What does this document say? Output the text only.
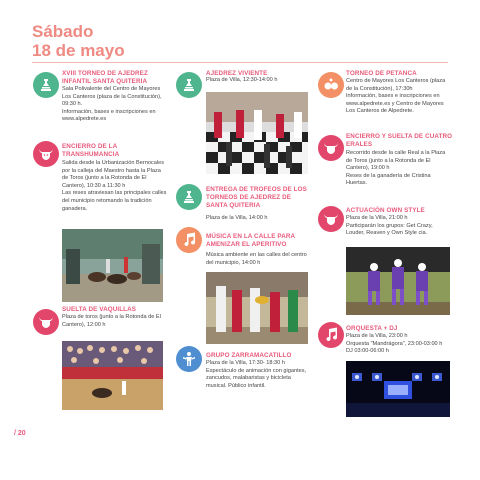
Sábado
18 de mayo
XVIII TORNEO DE AJEDREZ INFANTIL SANTA QUITERIA
Sala Polivalente del Centro de Mayores
Los Canteros (plaza de la Constitución),
09:30 h.
Información, bases e inscripciones en
www.alpedrete.es
ENCIERRO DE LA TRANSHUMANCIA
Salida desde la Urbanización Bernocales
por la calleja del Maestro hasta la Plaza
de Toros (junto a la Rotonda de El
Cantero), 10:30 a 11:30 h
Las reses atraviesan las principales calles
del municipio retomando la tradición
ganadera.
SUELTA DE VAQUILLAS
Plaza de toros (junto a la Rotonda de El
Cantero), 12:00 h
AJEDREZ VIVIENTE
Plaza de Villa, 12:30-14:00 h
ENTREGA DE TROFEOS DE LOS TORNEOS DE AJEDREZ DE SANTA QUITERIA
Plaza de la Villa, 14:00 h
MÚSICA EN LA CALLE PARA AMENIZAR EL APERITIVO
Música ambiente en las calles del centro
del municipio, 14:00 h
GRUPO ZARRAMACATILLO
Plaza de la Villa, 17:30- 18:30 h
Espectáculo de animación con gigantes,
zancudos, malabaristas y bicicleta
musical. Público infantil.
TORNEO DE PETANCA
Centro de Mayores Los Canteros (plaza
de la Constitución), 17:30h
Información, bases e inscripciones en
www.alpedrete.es y Centro de Mayores
Los Canteros de Alpedrete.
ENCIERRO Y SUELTA DE CUATRO ERALES
Recorrido desde la calle Real a la Plaza
de Toros (junto a la Rotonda de El
Cantero), 19:00 h
Reses de la ganadería de Cristina
Huertas.
ACTUACIÓN OWN STYLE
Plaza de la Villa, 21:00 h
Participarán los grupos: Get Crazy,
Louder, Reaven y Own Style cia.
ORQUESTA + DJ
Plaza de la Villa, 23:00 h
Orquesta "Mandrágora", 23:00-03:00 h
DJ 03:00-06:00 h
/ 20
